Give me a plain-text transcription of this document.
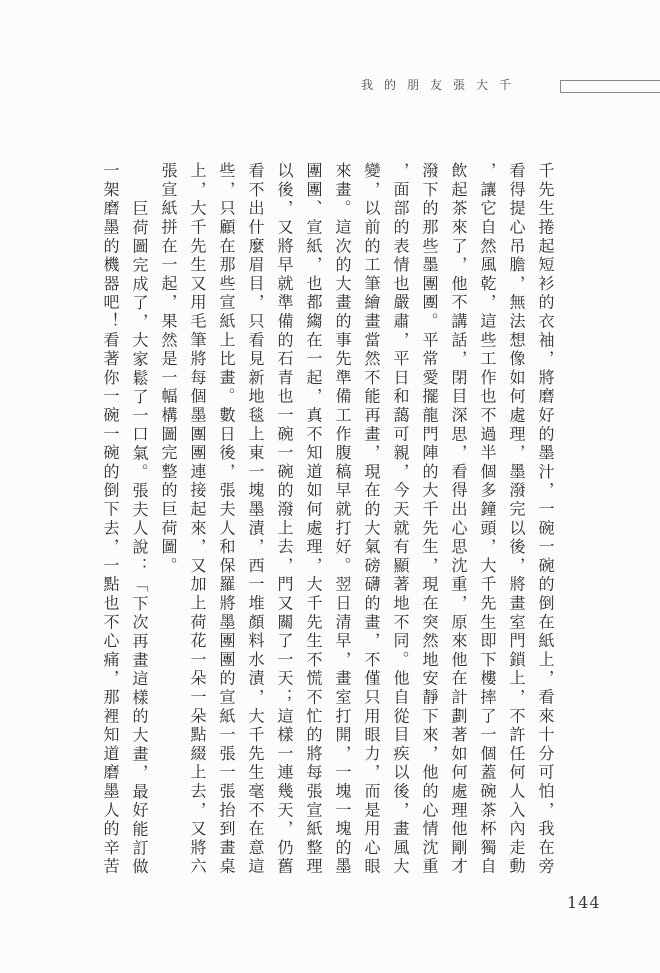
我的朋友張大千

千先生捲起短衫的衣袖，將磨好的墨汁，一碗一碗的倒在紙上，看來十分可怕，我在旁看得提心吊膽，無法想像如何處理，墨潑完以後，將畫室門鎖上，不許任何人入內走動，讓它自然風乾，這些工作也不過半個多鐘頭，大千先生即下樓摔了一個蓋碗茶杯獨自飲起茶來了，他不講話，閉目深思，看得出心思沈重，原來他在計劃著如何處理他剛才潑下的那些墨團團。平常愛擺龍門陣的大千先生，現在突然地安靜下來，他的心情沈重，面部的表情也嚴肅，平日和藹可親，今天就有顯著地不同。他自從目疾以後，畫風大變，以前的工筆繪畫當然不能再畫，現在的大氣磅礴的畫，不僅只用眼力，而是用心眼來畫。這次的大畫的事先準備工作腹稿早就打好。翌日清早，畫室打開，一塊一塊的墨團團、宣紙，也都縐在一起，真不知道如何處理，大千先生不慌不忙的將每張宣紙整理以後，又將早就準備的石青也一碗一碗的潑上去，門又關了一天；這樣一連幾天，仍舊看不出什麼眉目，只看見新地毯上東一塊墨漬，西一堆顏料水漬，大千先生毫不在意這些，只顧在那些宣紙上比畫。數日後，張夫人和保羅將墨團團的宣紙一張一張抬到畫桌上，大千先生又用毛筆將每個墨團團連接起來，又加上荷花一朵一朵點綴上去，又將六張宣紙拼在一起，果然是一幅構圖完整的巨荷圖。

巨荷圖完成了，大家鬆了一口氣。張夫人說：「下次再畫這樣的大畫，最好能訂做一架磨墨的機器吧！看著你一碗一碗的倒下去，一點也不心痛，那裡知道磨墨人的辛苦

144
